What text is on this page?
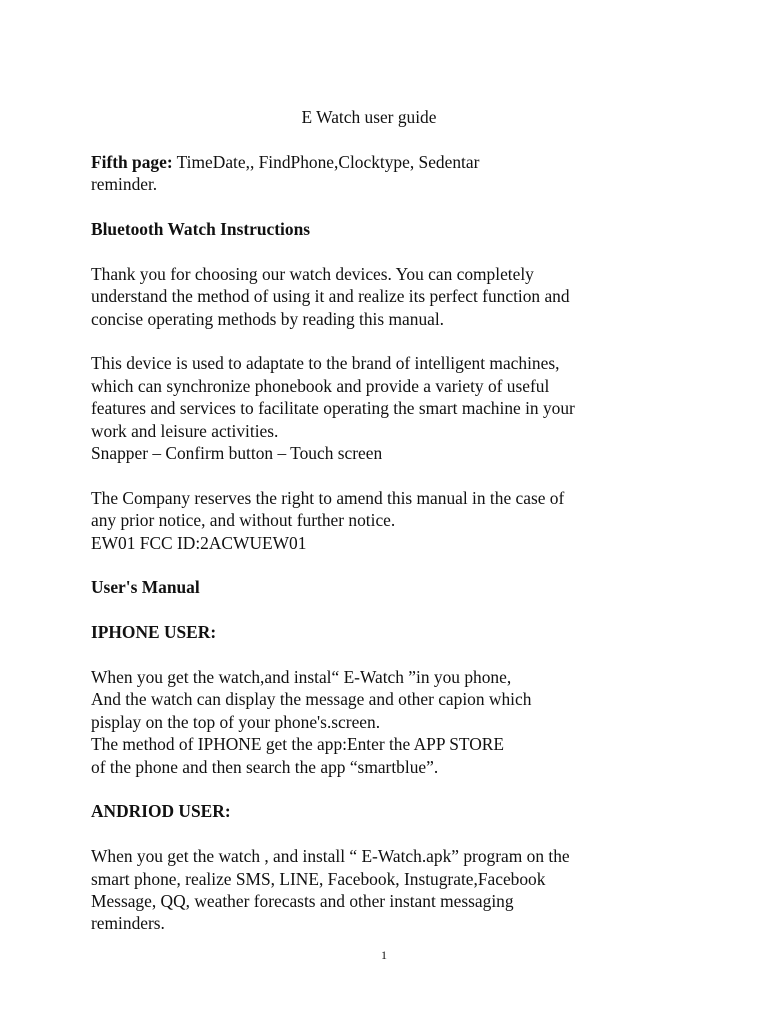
E Watch user guide

Fifth page: TimeDate,, FindPhone,Clocktype, Sedentar
reminder.

Bluetooth Watch Instructions

Thank you for choosing our watch devices. You can completely
understand the method of using it and realize its perfect function and
concise operating methods by reading this manual.

This device is used to adaptate to the brand of intelligent machines,
which can synchronize phonebook and provide a variety of useful
features and services to facilitate operating the smart machine in your
work and leisure activities.
Snapper – Confirm button – Touch screen

The Company reserves the right to amend this manual in the case of
any prior notice, and without further notice.
EW01 FCC ID:2ACWUEW01

User's Manual

IPHONE USER:

When you get the watch,and instal“ E-Watch ”in you phone,
And the watch can display the message and other capion which
pisplay on the top of your phone's.screen.
The method of IPHONE get the app:Enter the APP STORE
of the phone and then search the app “smartblue”.

ANDRIOD USER:

When you get the watch , and install “ E-Watch.apk” program on the
smart phone, realize SMS, LINE, Facebook, Instugrate,Facebook
Message, QQ, weather forecasts and other instant messaging
reminders.

1
